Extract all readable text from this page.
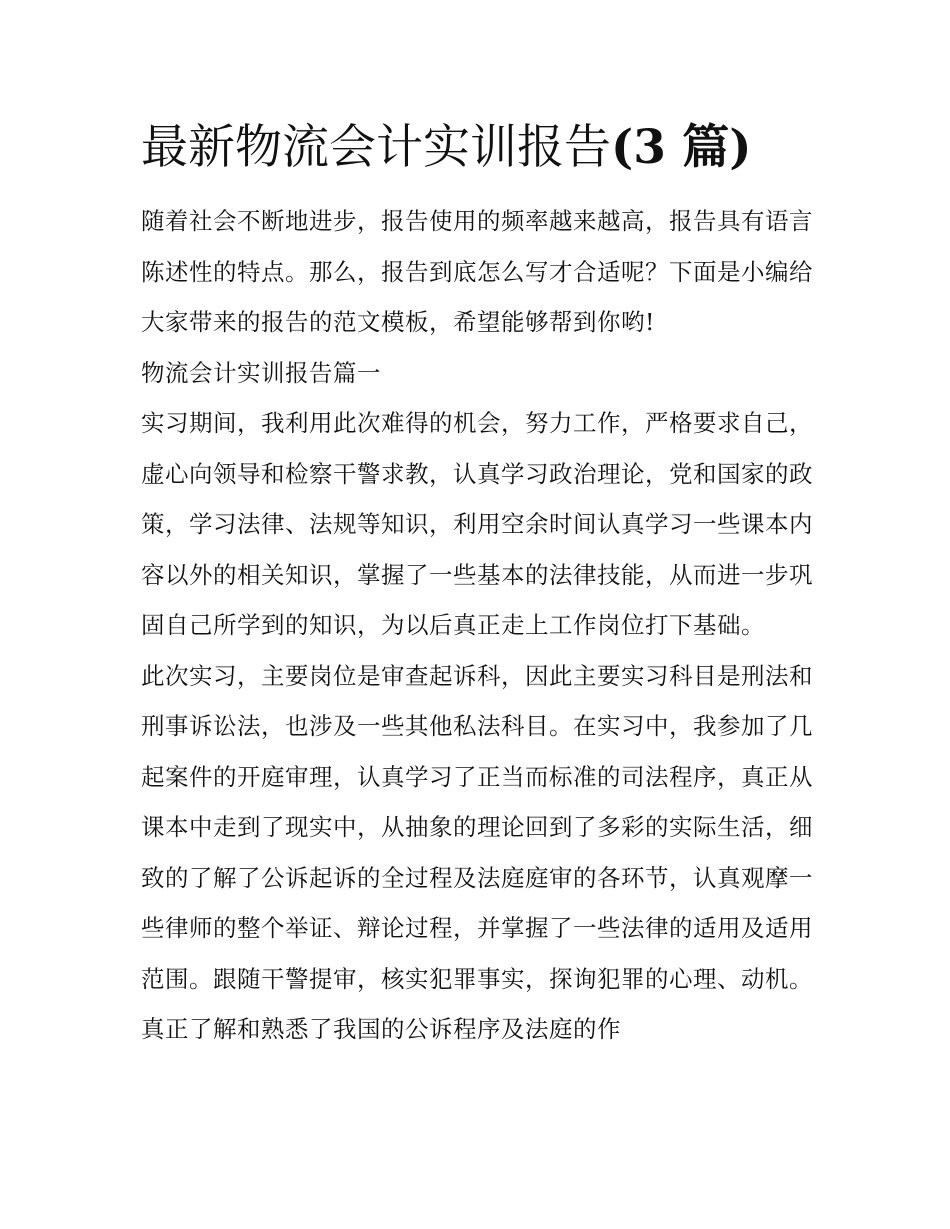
最新物流会计实训报告(3 篇)

随着社会不断地进步，报告使用的频率越来越高，报告具有语言陈述性的特点。那么，报告到底怎么写才合适呢？下面是小编给大家带来的报告的范文模板，希望能够帮到你哟!

物流会计实训报告篇一

实习期间，我利用此次难得的机会，努力工作，严格要求自己，虚心向领导和检察干警求教，认真学习政治理论，党和国家的政策，学习法律、法规等知识，利用空余时间认真学习一些课本内容以外的相关知识，掌握了一些基本的法律技能，从而进一步巩固自己所学到的知识，为以后真正走上工作岗位打下基础。

此次实习，主要岗位是审查起诉科，因此主要实习科目是刑法和刑事诉讼法，也涉及一些其他私法科目。在实习中，我参加了几起案件的开庭审理，认真学习了正当而标准的司法程序，真正从课本中走到了现实中，从抽象的理论回到了多彩的实际生活，细致的了解了公诉起诉的全过程及法庭庭审的各环节，认真观摩一些律师的整个举证、辩论过程，并掌握了一些法律的适用及适用范围。跟随干警提审，核实犯罪事实，探询犯罪的心理、动机。真正了解和熟悉了我国的公诉程序及法庭的作
